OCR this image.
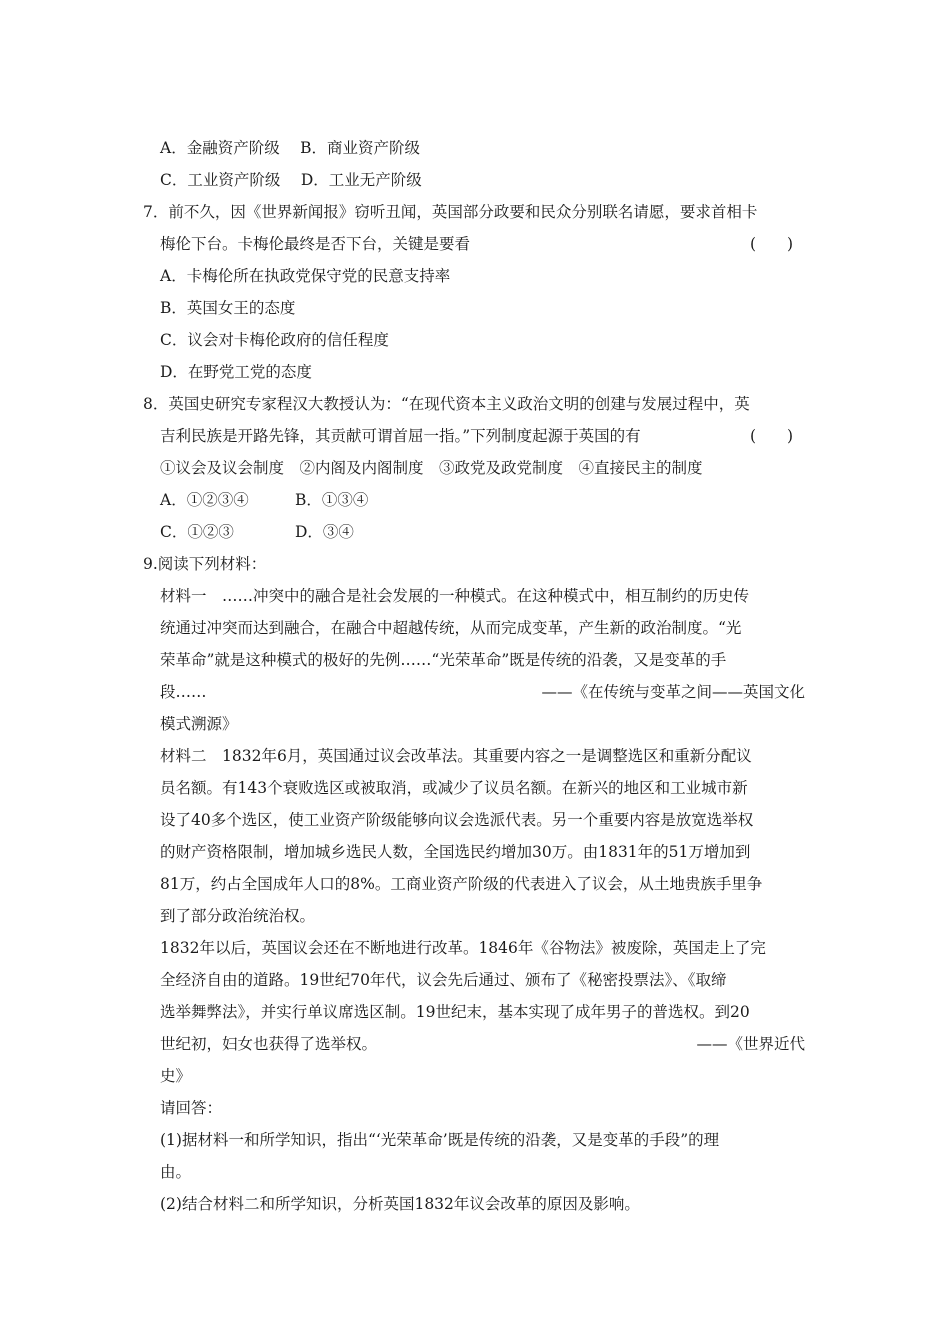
A．金融资产阶级　 B．商业资产阶级
C．工业资产阶级　 D．工业无产阶级
7．前不久，因《世界新闻报》窃听丑闻，英国部分政要和民众分别联名请愿，要求首相卡
梅伦下台。卡梅伦最终是否下台，关键是要看	(　　)
A．卡梅伦所在执政党保守党的民意支持率
B．英国女王的态度
C．议会对卡梅伦政府的信任程度
D．在野党工党的态度
8．英国史研究专家程汉大教授认为：“在现代资本主义政治文明的创建与发展过程中，英
吉利民族是开路先锋，其贡献可谓首屈一指。”下列制度起源于英国的有	(　　)
①议会及议会制度　②内阁及内阁制度　③政党及政党制度　④直接民主的制度
A．①②③④	B．①③④
C．①②③	D．③④
9.阅读下列材料：
材料一　……冲突中的融合是社会发展的一种模式。在这种模式中，相互制约的历史传
统通过冲突而达到融合，在融合中超越传统，从而完成变革，产生新的政治制度。“光
荣革命”就是这种模式的极好的先例……“光荣革命”既是传统的沿袭，又是变革的手
段……	——《在传统与变革之间——英国文化
模式溯源》
材料二　1832年6月，英国通过议会改革法。其重要内容之一是调整选区和重新分配议
员名额。有143个衰败选区或被取消，或减少了议员名额。在新兴的地区和工业城市新
设了40多个选区，使工业资产阶级能够向议会选派代表。另一个重要内容是放宽选举权
的财产资格限制，增加城乡选民人数，全国选民约增加30万。由1831年的51万增加到
81万，约占全国成年人口的8%。工商业资产阶级的代表进入了议会，从土地贵族手里争
到了部分政治统治权。
1832年以后，英国议会还在不断地进行改革。1846年《谷物法》被废除，英国走上了完
全经济自由的道路。19世纪70年代，议会先后通过、颁布了《秘密投票法》、《取缔
选举舞弊法》，并实行单议席选区制。19世纪末，基本实现了成年男子的普选权。到20
世纪初，妇女也获得了选举权。	——《世界近代
史》
请回答：
(1)据材料一和所学知识，指出“‘光荣革命’既是传统的沿袭，又是变革的手段”的理
由。
(2)结合材料二和所学知识，分析英国1832年议会改革的原因及影响。
